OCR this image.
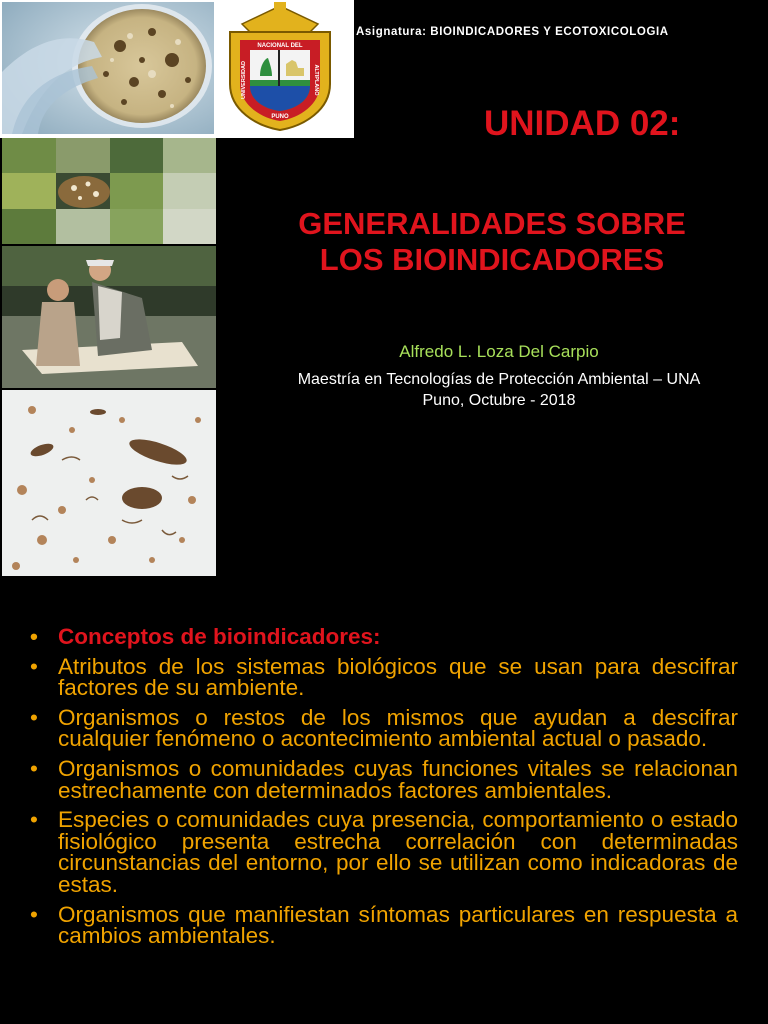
NACIONAL DEL
UNIVERSIDAD	ALTIPLANO
PUNO
Asignatura: BIOINDICADORES Y ECOTOXICOLOGIA
UNIDAD 02:
GENERALIDADES SOBRE
LOS BIOINDICADORES
Alfredo L. Loza Del Carpio
Maestría en Tecnologías de Protección Ambiental – UNA
Puno, Octubre - 2018
• Conceptos de bioindicadores:
• Atributos de los sistemas biológicos que se usan para descifrar factores de su ambiente.
• Organismos o restos de los mismos que ayudan a descifrar cualquier fenómeno o acontecimiento ambiental actual o pasado.
• Organismos o comunidades cuyas funciones vitales se relacionan estrechamente con determinados factores ambientales.
• Especies o comunidades cuya presencia, comportamiento o estado fisiológico presenta estrecha correlación con determinadas circunstancias del entorno, por ello se utilizan como indicadoras de estas.
• Organismos que manifiestan síntomas particulares en respuesta a cambios ambientales.
